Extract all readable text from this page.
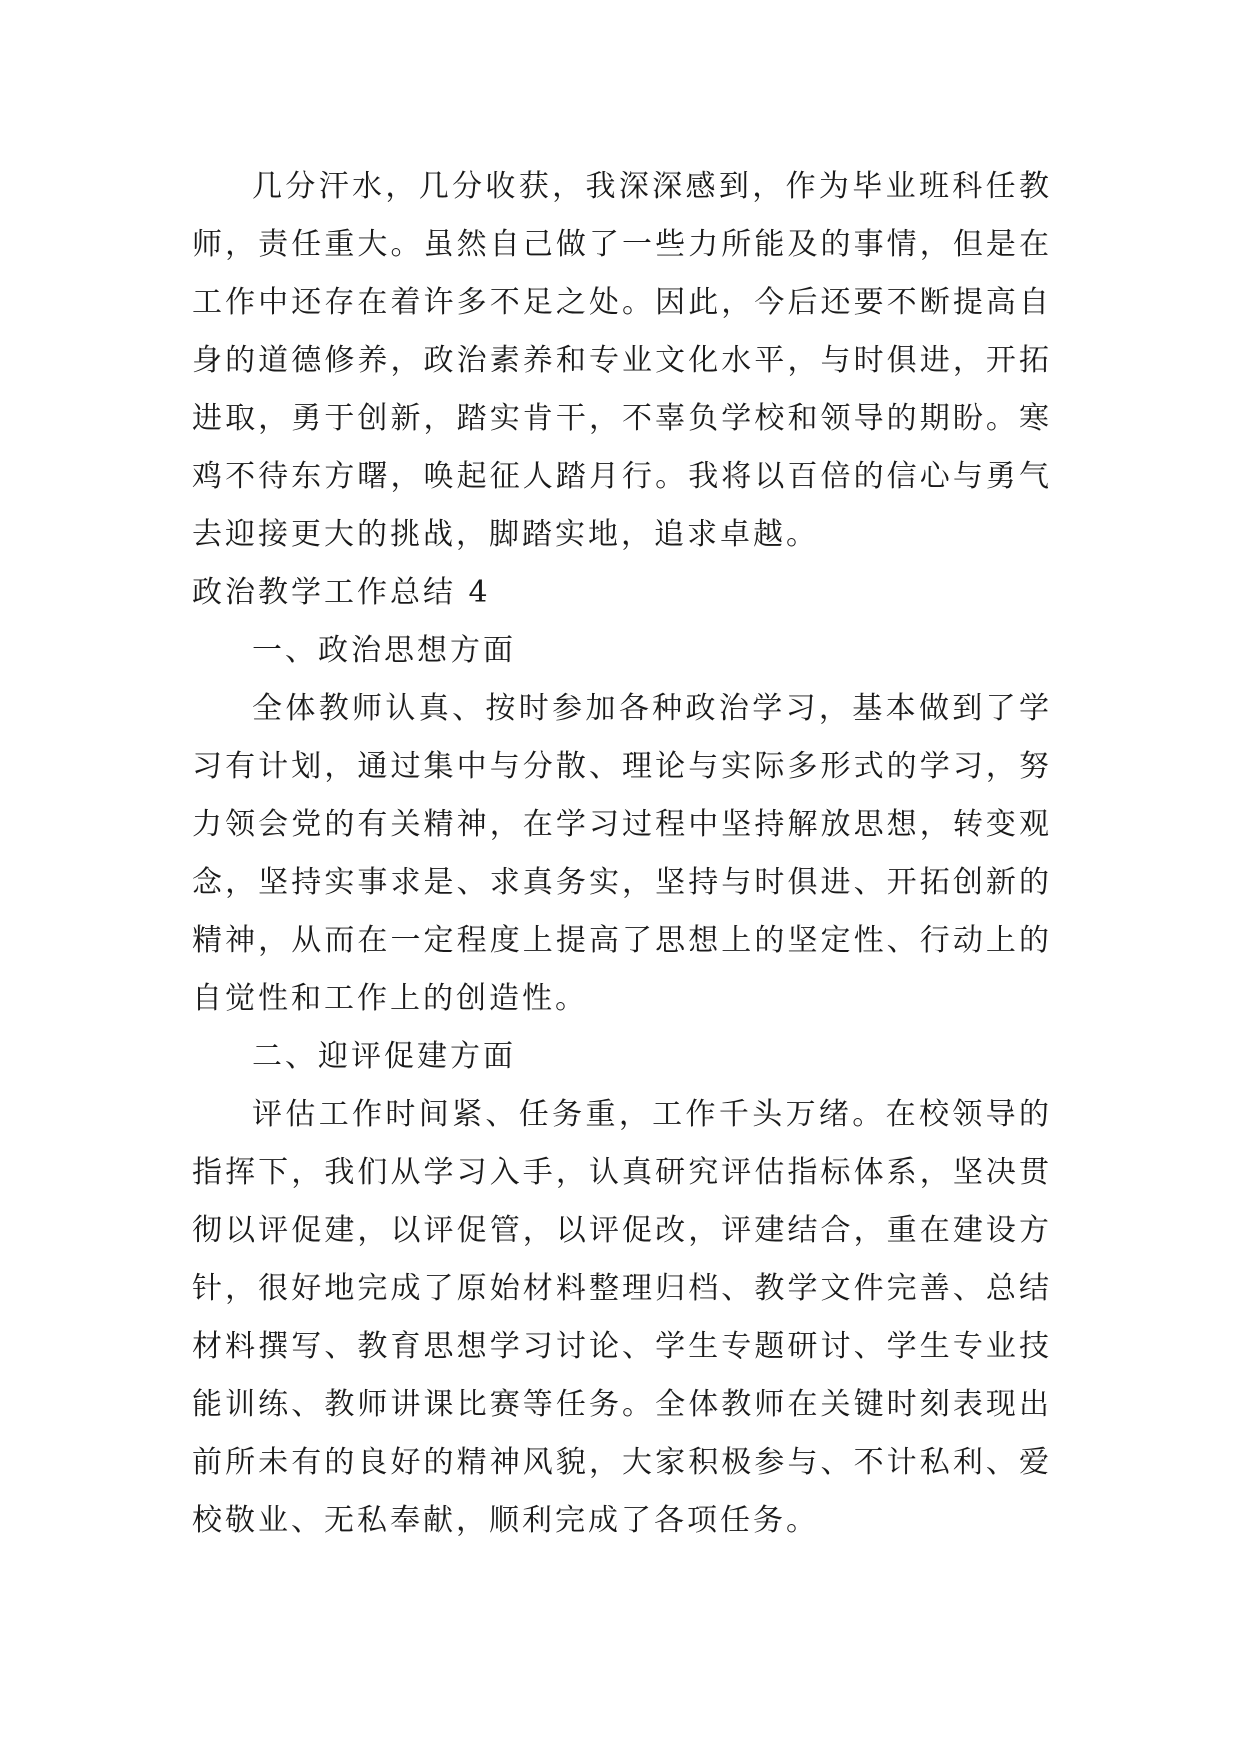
几分汗水，几分收获，我深深感到，作为毕业班科任教师，责任重大。虽然自己做了一些力所能及的事情，但是在工作中还存在着许多不足之处。因此，今后还要不断提高自身的道德修养，政治素养和专业文化水平，与时俱进，开拓进取，勇于创新，踏实肯干，不辜负学校和领导的期盼。寒鸡不待东方曙，唤起征人踏月行。我将以百倍的信心与勇气去迎接更大的挑战，脚踏实地，追求卓越。

政治教学工作总结 4

一、政治思想方面

全体教师认真、按时参加各种政治学习，基本做到了学习有计划，通过集中与分散、理论与实际多形式的学习，努力领会党的有关精神，在学习过程中坚持解放思想，转变观念，坚持实事求是、求真务实，坚持与时俱进、开拓创新的精神，从而在一定程度上提高了思想上的坚定性、行动上的自觉性和工作上的创造性。

二、迎评促建方面

评估工作时间紧、任务重，工作千头万绪。在校领导的指挥下，我们从学习入手，认真研究评估指标体系，坚决贯彻以评促建，以评促管，以评促改，评建结合，重在建设方针，很好地完成了原始材料整理归档、教学文件完善、总结材料撰写、教育思想学习讨论、学生专题研讨、学生专业技能训练、教师讲课比赛等任务。全体教师在关键时刻表现出前所未有的良好的精神风貌，大家积极参与、不计私利、爱校敬业、无私奉献，顺利完成了各项任务。
